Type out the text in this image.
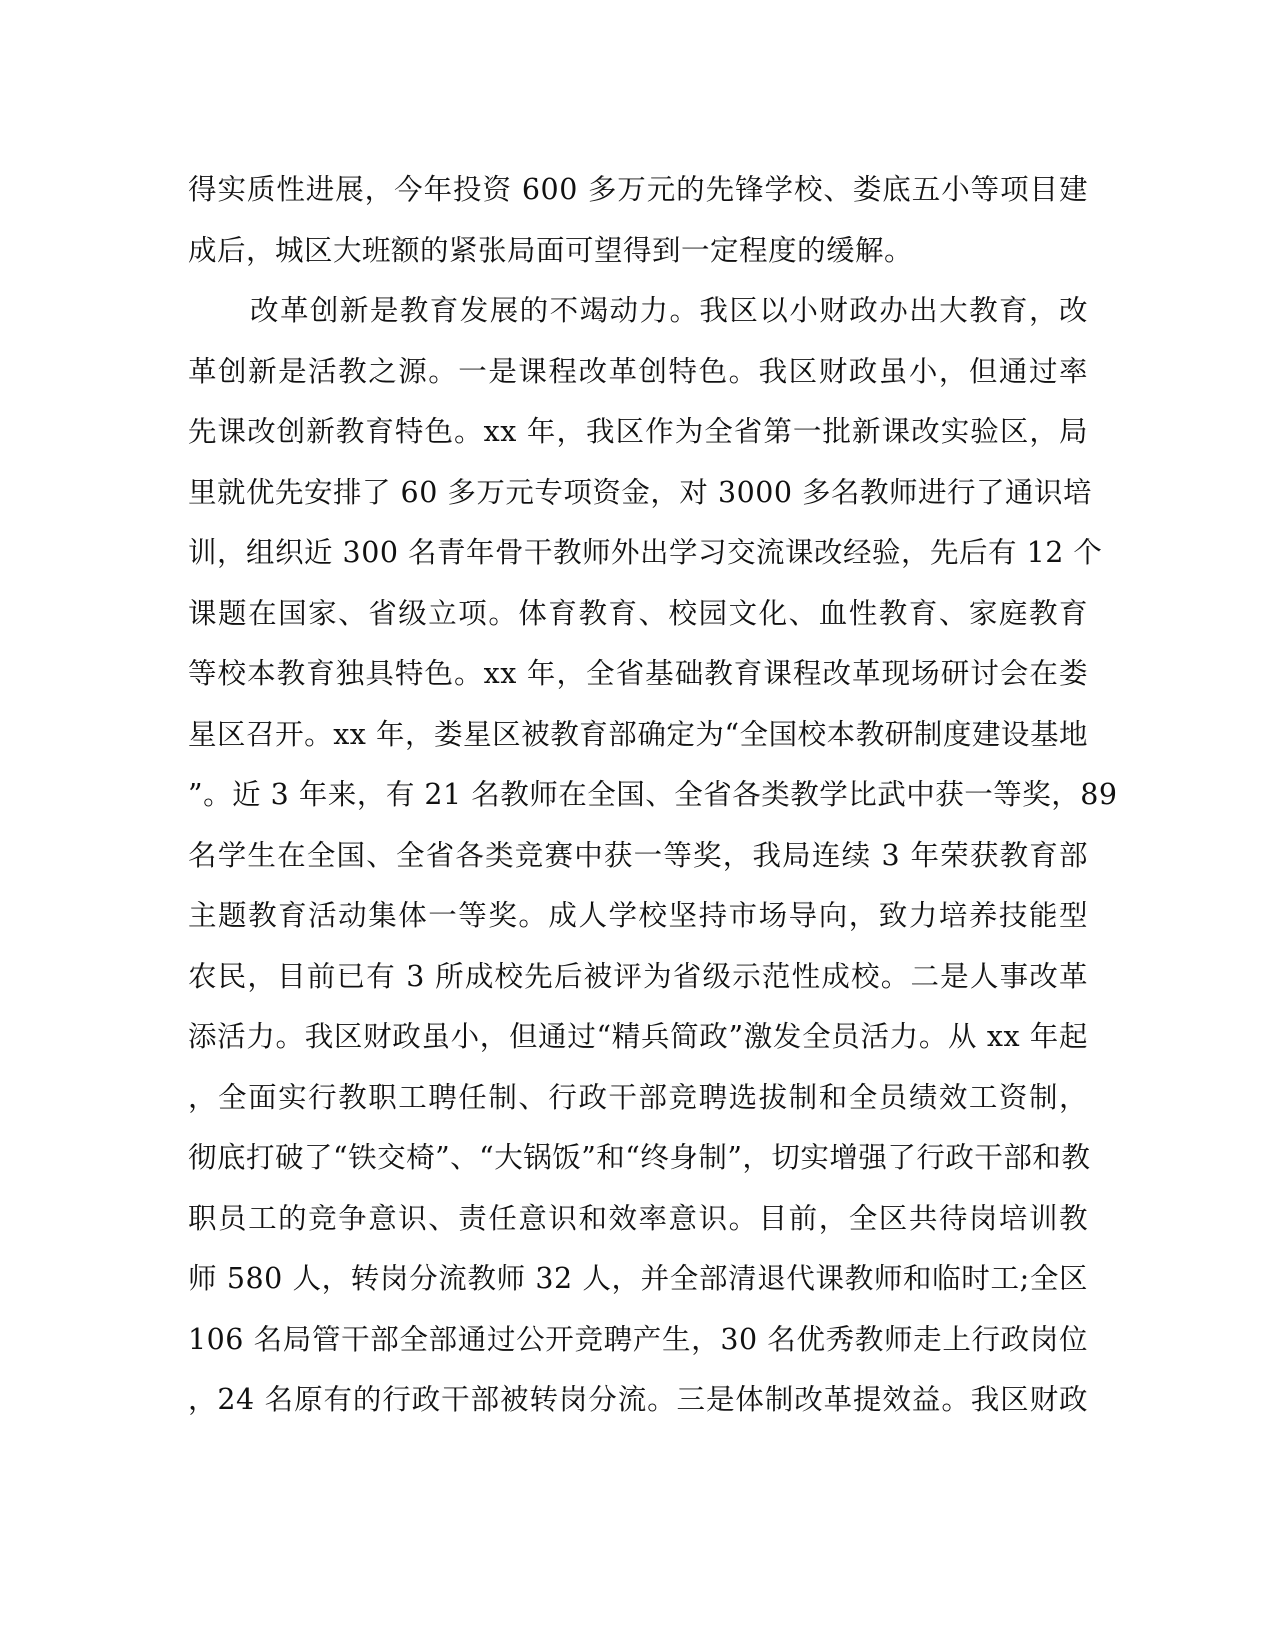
得实质性进展，今年投资 600 多万元的先锋学校、娄底五小等项目建
成后，城区大班额的紧张局面可望得到一定程度的缓解。
改革创新是教育发展的不竭动力。我区以小财政办出大教育，改
革创新是活教之源。一是课程改革创特色。我区财政虽小，但通过率
先课改创新教育特色。xx 年，我区作为全省第一批新课改实验区，局
里就优先安排了 60 多万元专项资金，对 3000 多名教师进行了通识培
训，组织近 300 名青年骨干教师外出学习交流课改经验，先后有 12 个
课题在国家、省级立项。体育教育、校园文化、血性教育、家庭教育
等校本教育独具特色。xx 年，全省基础教育课程改革现场研讨会在娄
星区召开。xx 年，娄星区被教育部确定为“全国校本教研制度建设基地
”。近 3 年来，有 21 名教师在全国、全省各类教学比武中获一等奖，89
名学生在全国、全省各类竞赛中获一等奖，我局连续 3 年荣获教育部
主题教育活动集体一等奖。成人学校坚持市场导向，致力培养技能型
农民，目前已有 3 所成校先后被评为省级示范性成校。二是人事改革
添活力。我区财政虽小，但通过“精兵简政”激发全员活力。从 xx 年起
，全面实行教职工聘任制、行政干部竞聘选拔制和全员绩效工资制，
彻底打破了“铁交椅”、“大锅饭”和“终身制”，切实增强了行政干部和教
职员工的竞争意识、责任意识和效率意识。目前，全区共待岗培训教
师 580 人，转岗分流教师 32 人，并全部清退代课教师和临时工;全区
106 名局管干部全部通过公开竞聘产生，30 名优秀教师走上行政岗位
，24 名原有的行政干部被转岗分流。三是体制改革提效益。我区财政
